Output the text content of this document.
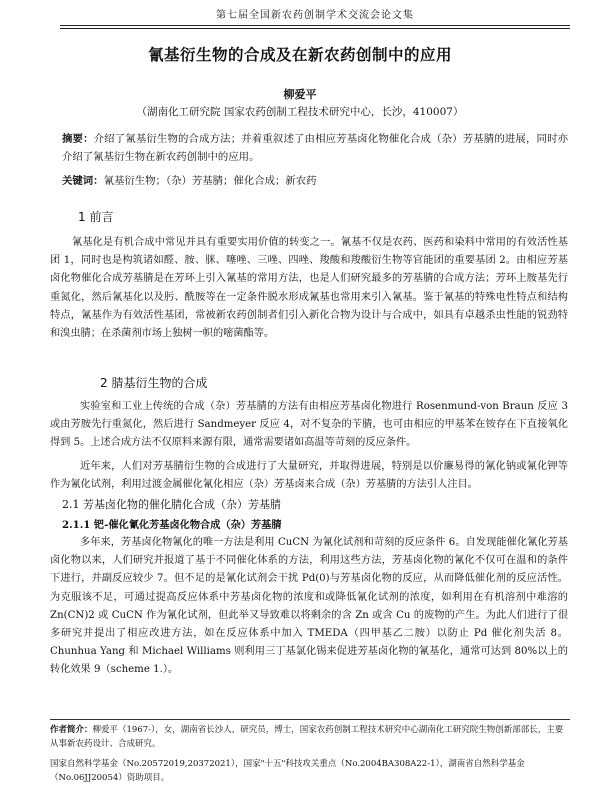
第七届全国新农药创制学术交流会论文集
氰基衍生物的合成及在新农药创制中的应用
柳爱平
（湖南化工研究院 国家农药创制工程技术研究中心，长沙，410007）
摘要：介绍了氰基衍生物的合成方法；并着重叙述了由相应芳基卤化物催化合成（杂）芳基腈的进展，同时亦介绍了氰基衍生物在新农药创制中的应用。
关键词：氰基衍生物；（杂）芳基腈；催化合成；新农药
1 前言
氰基化是有机合成中常见并具有重要实用价值的转变之一。氰基不仅是农药、医药和染料中常用的有效活性基团 1，同时也是构筑诸如醛、胺、脒、噻唑、三唑、四唑、羧酸和羧酸衍生物等官能团的重要基团 2。由相应芳基卤化物催化合成芳基腈是在芳环上引入氰基的常用方法，也是人们研究最多的芳基腈的合成方法；芳环上胺基先行重氮化，然后氰基化以及肟、酰胺等在一定条件脱水形成氰基也常用来引入氰基。鉴于氰基的特殊电性特点和结构特点，氰基作为有效活性基团，常被新农药创制者们引入新化合物为设计与合成中，如具有卓越杀虫性能的锐劲特和溴虫腈；在杀菌剂市场上独树一帜的嘧菌酯等。
2 腈基衍生物的合成
实验室和工业上传统的合成（杂）芳基腈的方法有由相应芳基卤化物进行 Rosenmund-von Braun 反应 3 或由芳胺先行重氮化，然后进行 Sandmeyer 反应 4，对不复杂的苄腈，也可由相应的甲基苯在铵存在下直接氧化得到 5。上述合成方法不仅原料来源有限，通常需要诸如高温等苛刻的反应条件。
近年来，人们对芳基腈衍生物的合成进行了大量研究，并取得进展，特别是以价廉易得的氰化钠或氰化钾等作为氰化试剂，利用过渡金属催化氰化相应（杂）芳基卤来合成（杂）芳基腈的方法引人注目。
2.1 芳基卤化物的催化腈化合成（杂）芳基腈
2.1.1 钯-催化氰化芳基卤化物合成（杂）芳基腈
多年来，芳基卤化物氰化的唯一方法是利用 CuCN 为氰化试剂和苛刻的反应条件 6。自发现能催化氰化芳基卤化物以来，人们研究并报道了基于不同催化体系的方法，利用这些方法，芳基卤化物的氰化不仅可在温和的条件下进行，并副反应较少 7。但不足的是氰化试剂会干扰 Pd(0)与芳基卤化物的反应，从而降低催化剂的反应活性。为克服该不足，可通过提高反应体系中芳基卤化物的浓度和或降低氰化试剂的浓度，如利用在有机溶剂中难溶的 Zn(CN)2 或 CuCN 作为氰化试剂，但此举又导致难以将剩余的含 Zn 或含 Cu 的废物的产生。为此人们进行了很多研究并提出了相应改进方法，如在反应体系中加入 TMEDA（四甲基乙二胺）以防止 Pd 催化剂失活 8。Chunhua Yang 和 Michael Williams 则利用三丁基氯化锡来促进芳基卤化物的氰基化，通常可达到 80%以上的转化效果 9（scheme 1.）。
作者简介：柳爱平（1967-），女，湖南省长沙人，研究员，博士，国家农药创制工程技术研究中心湖南化工研究院生物创新部部长，主要从事新农药设计、合成研究。
国家自然科学基金（No.20572019,20372021），国家"十五"科技攻关重点（No.2004BA308A22-1），湖南省自然科学基金（No.06JJ20054）资助项目。
